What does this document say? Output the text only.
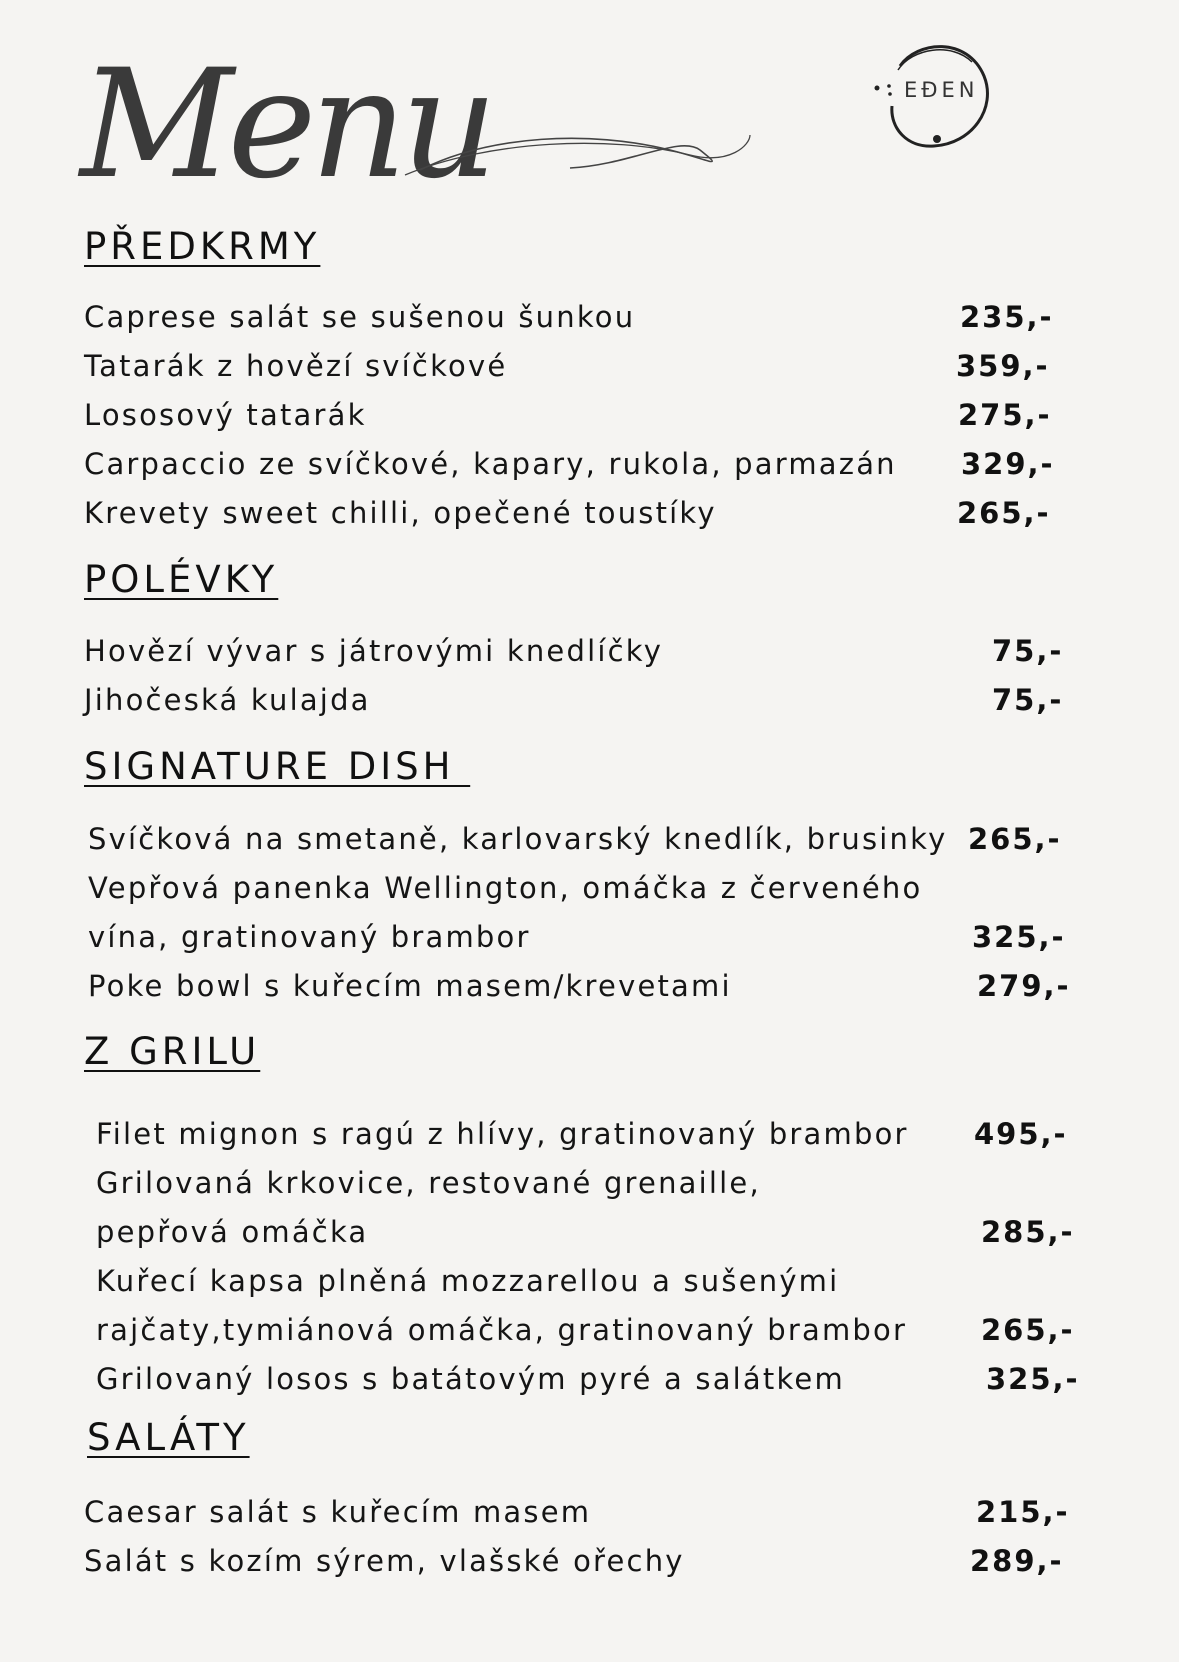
Menu	EĐEN
PŘEDKRMY
POLÉVKY
SIGNATURE DISH
Z GRILU
SALÁTY
Caprese salát se sušenou šunkou	235,-
Tatarák z hovězí svíčkové	359,-
Lososový tatarák	275,-
Carpaccio ze svíčkové, kapary, rukola, parmazán 329,-
Krevety sweet chilli, opečené toustíky	265,-
Hovězí vývar s játrovými knedlíčky	75,-
Jihočeská kulajda	75,-
Svíčková na smetaně, karlovarský knedlík, brusinky 265,-
Vepřová panenka Wellington, omáčka z červeného
vína, gratinovaný brambor	325,-
Poke bowl s kuřecím masem/krevetami	279,-
Filet mignon s ragú z hlívy, gratinovaný brambor 495,-
Grilovaná krkovice, restované grenaille,
pepřová omáčka	285,-
Kuřecí kapsa plněná mozzarellou a sušenými
rajčaty,tymiánová omáčka, gratinovaný brambor	265,-
Grilovaný losos s batátovým pyré a salátkem	325,-
Caesar salát s kuřecím masem	215,-
Salát s kozím sýrem, vlašské ořechy	289,-
